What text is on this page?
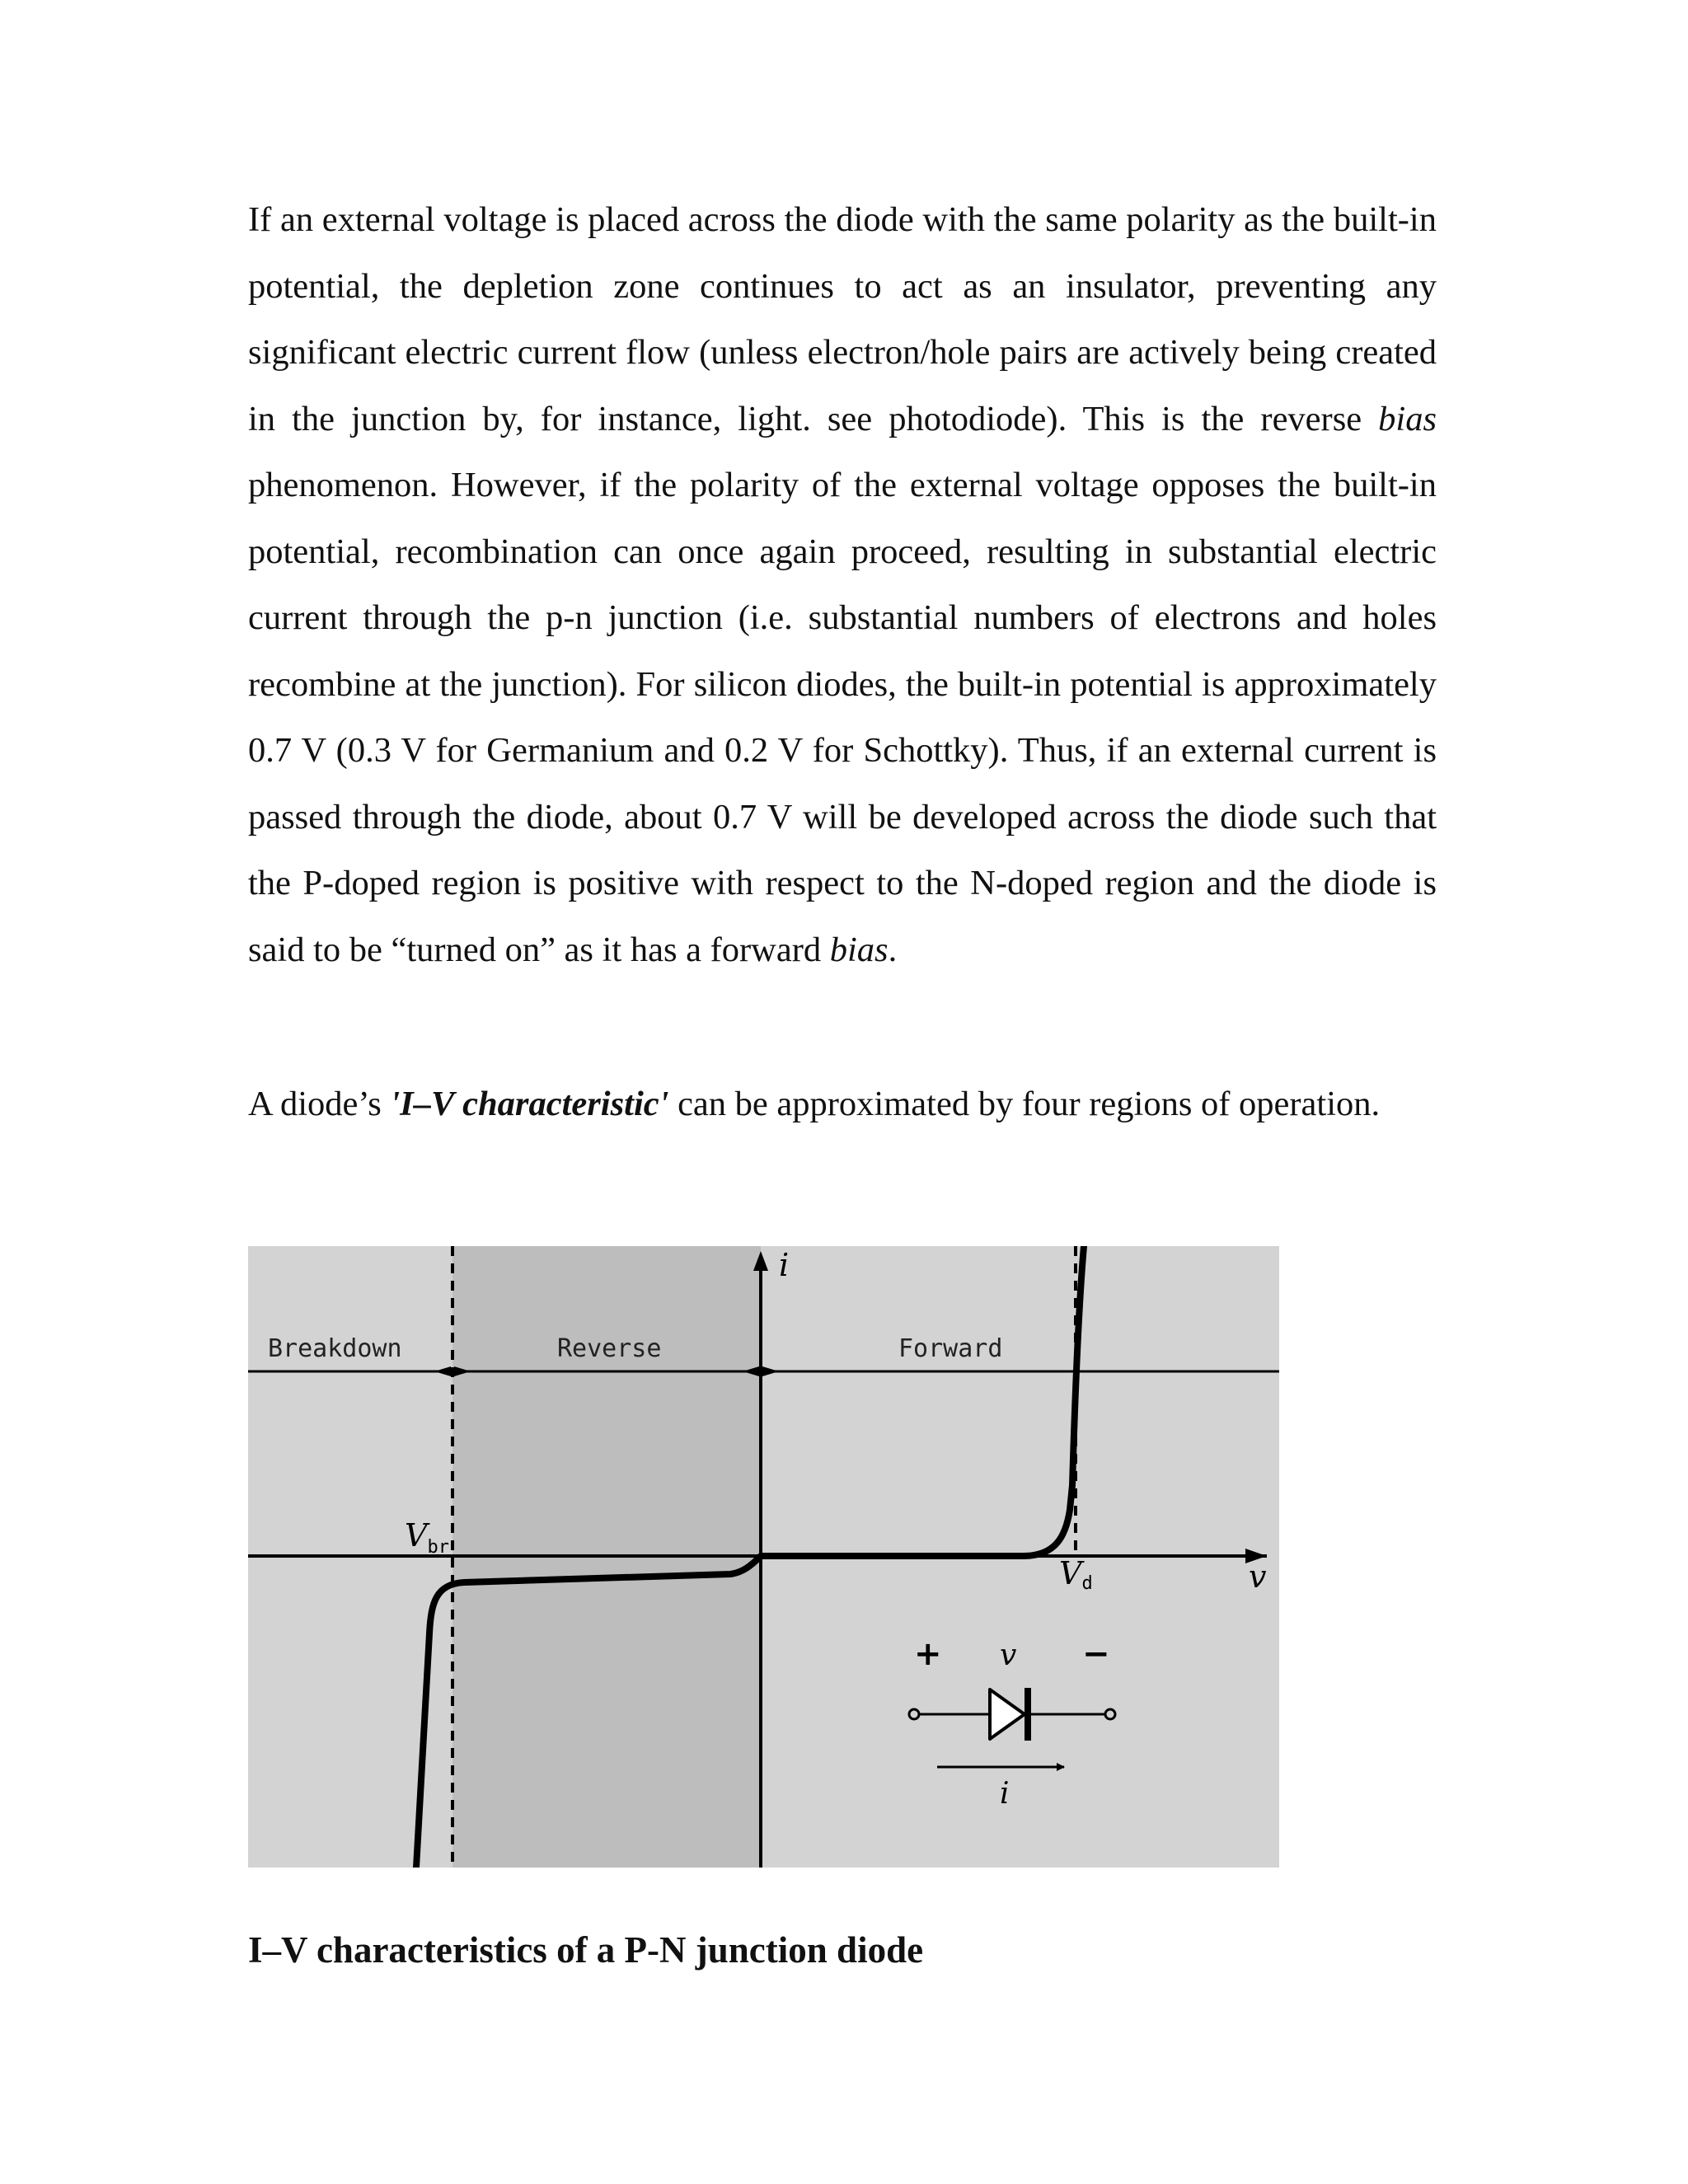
If an external voltage is placed across the diode with the same polarity as the built-in potential, the depletion zone continues to act as an insulator, preventing any significant electric current flow (unless electron/hole pairs are actively being created in the junction by, for instance, light. see photodiode). This is the reverse bias phenomenon. However, if the polarity of the external voltage opposes the built-in potential, recombination can once again proceed, resulting in substantial electric current through the p-n junction (i.e. substantial numbers of electrons and holes recombine at the junction). For silicon diodes, the built-in potential is approximately 0.7 V (0.3 V for Germanium and 0.2 V for Schottky). Thus, if an external current is passed through the diode, about 0.7 V will be developed across the diode such that the P-doped region is positive with respect to the N-doped region and the diode is said to be “turned on” as it has a forward bias.

A diode’s 'I–V characteristic' can be approximated by four regions of operation.

Breakdown	Reverse	Forward
i
v
$V_{br}$
Vd
+ v −
i

I–V characteristics of a P-N junction diode
